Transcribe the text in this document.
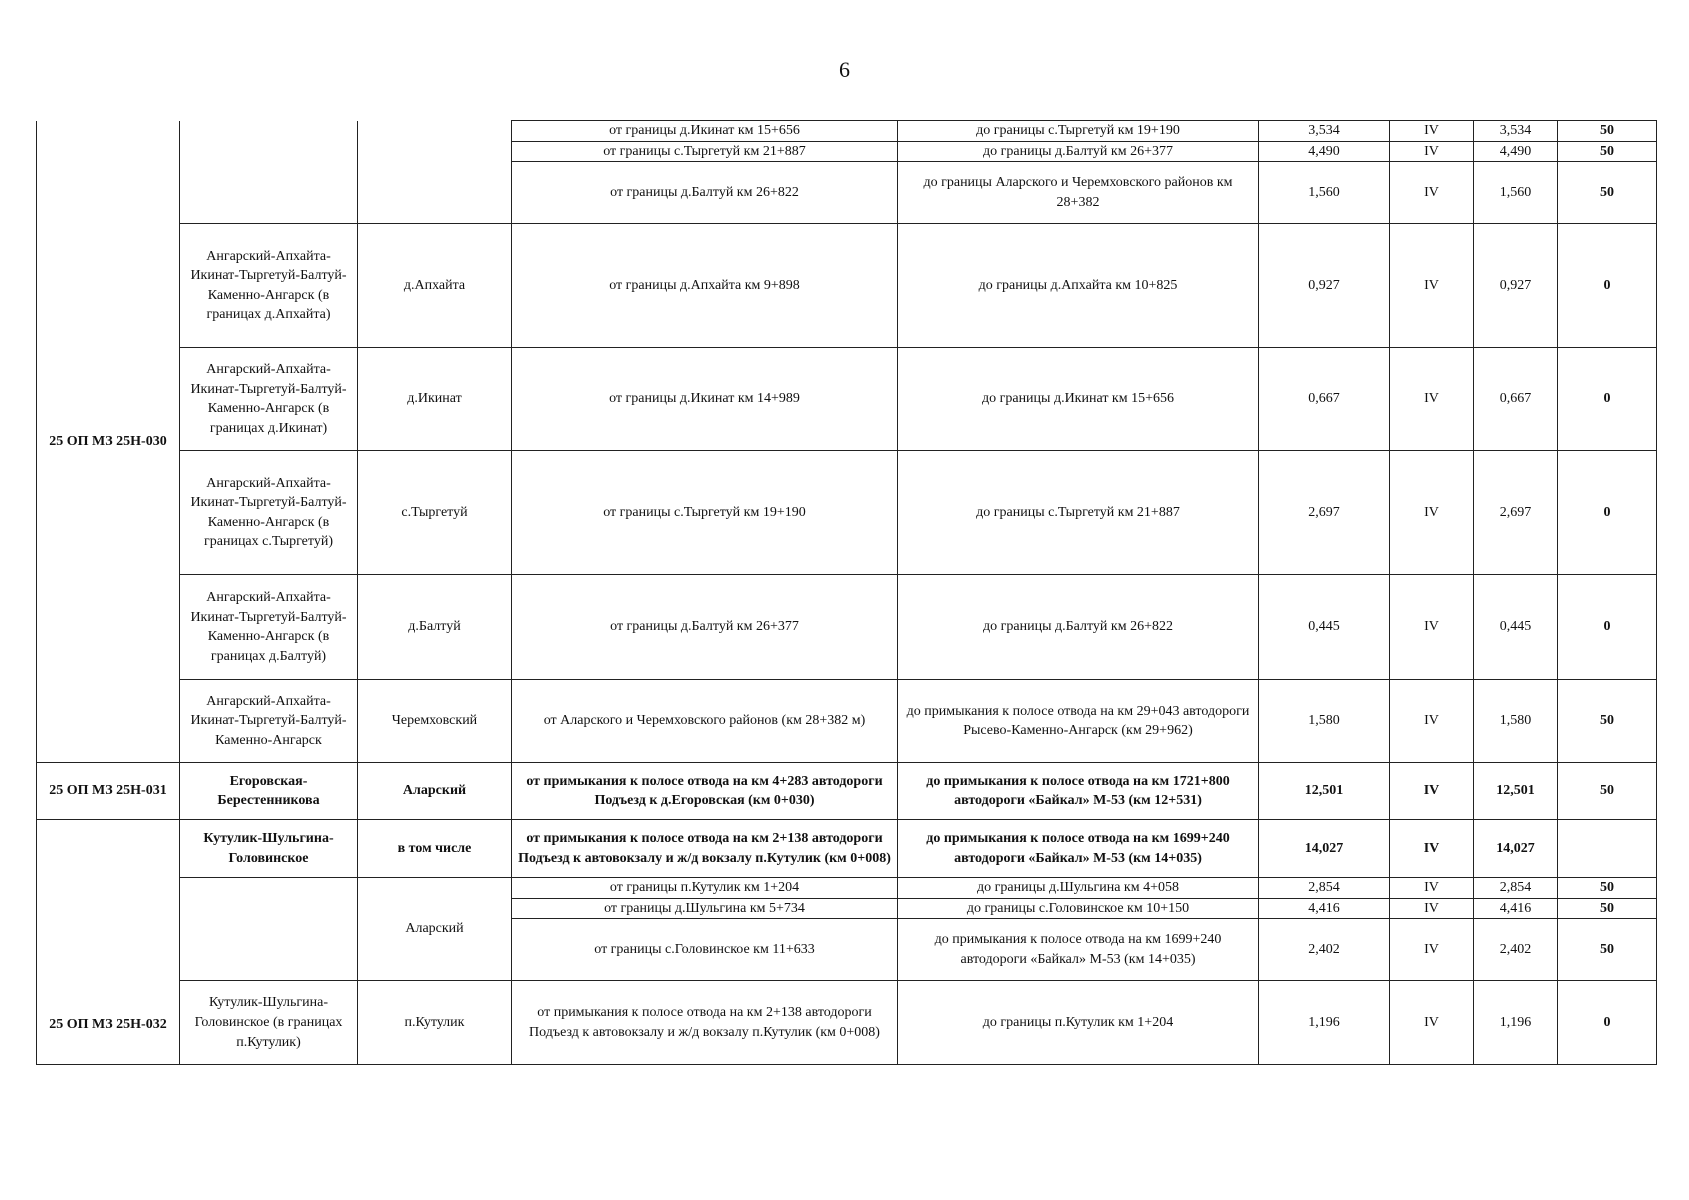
6
25 ОП МЗ 25Н-030			от границы д.Икинат км 15+656	до границы с.Тыргетуй км 19+190	3,534	IV	3,534	50
			от границы с.Тыргетуй км 21+887	до границы д.Балтуй км 26+377	4,490	IV	4,490	50
			от границы д.Балтуй км 26+822	до границы Аларского и Черемховского районов км 28+382	1,560	IV	1,560	50
	Ангарский-Апхайта-Икинат-Тыргетуй-Балтуй-Каменно-Ангарск (в границах д.Апхайта)	д.Апхайта	от границы д.Апхайта км 9+898	до границы д.Апхайта км 10+825	0,927	IV	0,927	0
	Ангарский-Апхайта-Икинат-Тыргетуй-Балтуй-Каменно-Ангарск (в границах д.Икинат)	д.Икинат	от границы д.Икинат км 14+989	до границы д.Икинат км 15+656	0,667	IV	0,667	0
	Ангарский-Апхайта-Икинат-Тыргетуй-Балтуй-Каменно-Ангарск (в границах с.Тыргетуй)	с.Тыргетуй	от границы с.Тыргетуй км 19+190	до границы с.Тыргетуй км 21+887	2,697	IV	2,697	0
	Ангарский-Апхайта-Икинат-Тыргетуй-Балтуй-Каменно-Ангарск (в границах д.Балтуй)	д.Балтуй	от границы д.Балтуй км 26+377	до границы д.Балтуй км 26+822	0,445	IV	0,445	0
	Ангарский-Апхайта-Икинат-Тыргетуй-Балтуй-Каменно-Ангарск	Черемховский	от Аларского и Черемховского районов (км 28+382 м)	до примыкания к полосе отвода на км 29+043 автодороги Рысево-Каменно-Ангарск (км 29+962)	1,580	IV	1,580	50
25 ОП МЗ 25Н-031	Егоровская-Берестенникова	Аларский	от примыкания к полосе отвода на км 4+283 автодороги Подъезд к д.Егоровская (км 0+030)	до примыкания к полосе отвода на км 1721+800 автодороги «Байкал» М-53 (км 12+531)	12,501	IV	12,501	50
25 ОП МЗ 25Н-032	Кутулик-Шульгина-Головинское	в том числе	от примыкания к полосе отвода на км 2+138 автодороги Подъезд к автовокзалу и ж/д вокзалу п.Кутулик (км 0+008)	до примыкания к полосе отвода на км 1699+240 автодороги «Байкал» М-53 (км 14+035)	14,027	IV	14,027	
		Аларский	от границы п.Кутулик км 1+204	до границы д.Шульгина км 4+058	2,854	IV	2,854	50
			от границы д.Шульгина км 5+734	до границы с.Головинское км 10+150	4,416	IV	4,416	50
			от границы с.Головинское км 11+633	до примыкания к полосе отвода на км 1699+240 автодороги «Байкал» М-53 (км 14+035)	2,402	IV	2,402	50
	Кутулик-Шульгина-Головинское (в границах п.Кутулик)	п.Кутулик	от примыкания к полосе отвода на км 2+138 автодороги Подъезд к автовокзалу и ж/д вокзалу п.Кутулик (км 0+008)	до границы п.Кутулик км 1+204	1,196	IV	1,196	0
